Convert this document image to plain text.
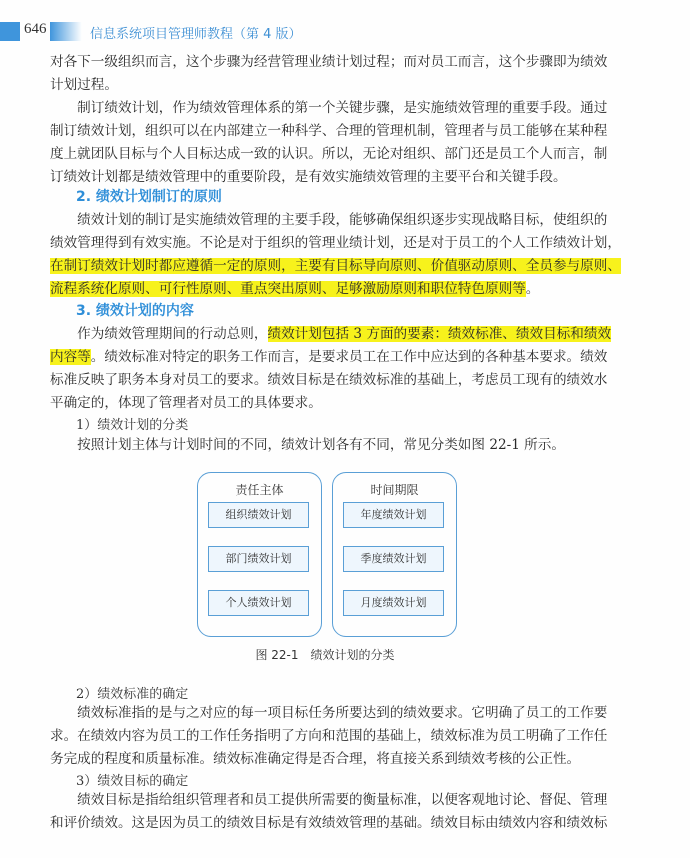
646	信息系统项目管理师教程（第 4 版）
对各下一级组织而言，这个步骤为经营管理业绩计划过程；而对员工而言，这个步骤即为绩效
计划过程。
　　制订绩效计划，作为绩效管理体系的第一个关键步骤，是实施绩效管理的重要手段。通过
制订绩效计划，组织可以在内部建立一种科学、合理的管理机制，管理者与员工能够在某种程
度上就团队目标与个人目标达成一致的认识。所以，无论对组织、部门还是员工个人而言，制
订绩效计划都是绩效管理中的重要阶段，是有效实施绩效管理的主要平台和关键手段。
2. 绩效计划制订的原则
　　绩效计划的制订是实施绩效管理的主要手段，能够确保组织逐步实现战略目标，使组织的
绩效管理得到有效实施。不论是对于组织的管理业绩计划，还是对于员工的个人工作绩效计划，
在制订绩效计划时都应遵循一定的原则，主要有目标导向原则、价值驱动原则、全员参与原则、
流程系统化原则、可行性原则、重点突出原则、足够激励原则和职位特色原则等。
3. 绩效计划的内容
　　作为绩效管理期间的行动总则，绩效计划包括 3 方面的要素：绩效标准、绩效目标和绩效
内容等。绩效标准对特定的职务工作而言，是要求员工在工作中应达到的各种基本要求。绩效
标准反映了职务本身对员工的要求。绩效目标是在绩效标准的基础上，考虑员工现有的绩效水
平确定的，体现了管理者对员工的具体要求。
1）绩效计划的分类
　　按照计划主体与计划时间的不同，绩效计划各有不同，常见分类如图 22-1 所示。
2）绩效标准的确定
　　绩效标准指的是与之对应的每一项目标任务所要达到的绩效要求。它明确了员工的工作要
求。在绩效内容为员工的工作任务指明了方向和范围的基础上，绩效标准为员工明确了工作任
务完成的程度和质量标准。绩效标准确定得是否合理，将直接关系到绩效考核的公正性。
3）绩效目标的确定
　　绩效目标是指给组织管理者和员工提供所需要的衡量标准，以便客观地讨论、督促、管理
和评价绩效。这是因为员工的绩效目标是有效绩效管理的基础。绩效目标由绩效内容和绩效标
责任主体
组织绩效计划
部门绩效计划
个人绩效计划
时间期限
年度绩效计划
季度绩效计划
月度绩效计划
图 22-1　绩效计划的分类
